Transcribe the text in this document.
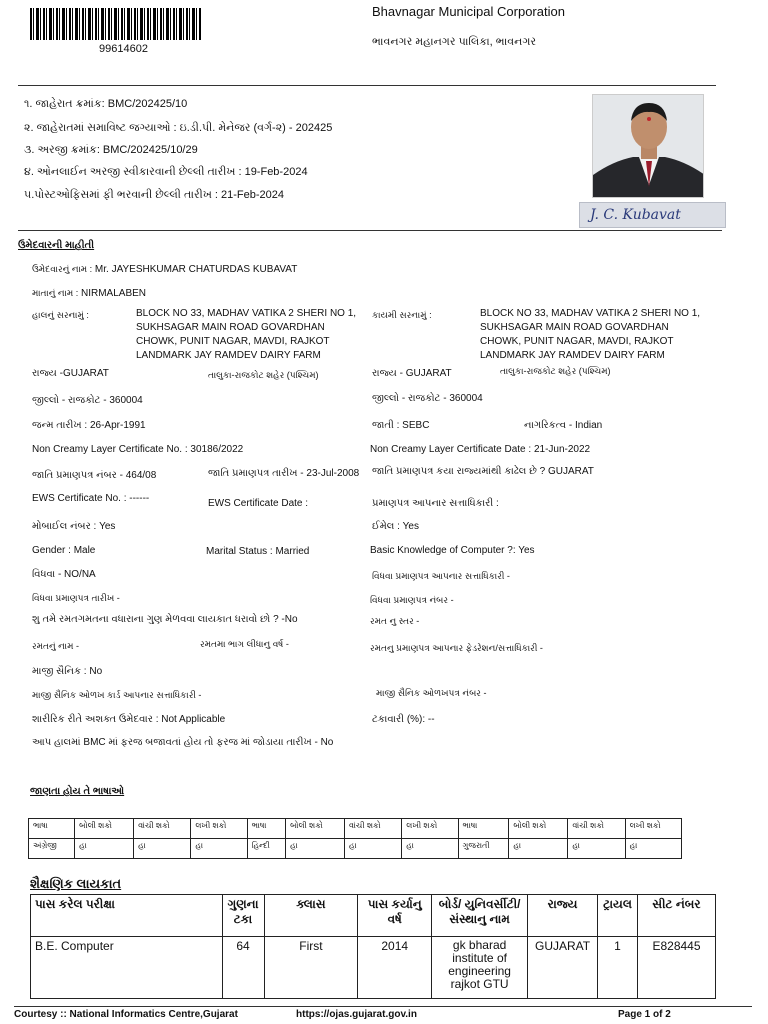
99614602
Bhavnagar Municipal Corporation
ભાવનગર મહાનગર પાલિકા, ભાવનગર
૧. જાહેરાત ક્રમાંક: BMC/202425/10
૨. જાહેરાતમાં સમાવિષ્ટ જગ્યાઓ : ઇ.ડી.પી. મેનેજર (વર્ગ-૨) - 202425
૩. અરજી ક્રમાંક: BMC/202425/10/29
૪. ઓનલાઈન અરજી સ્વીકારવાની છેલ્લી તારીખ : 19-Feb-2024
૫.પોસ્ટઓફિસમાં ફી ભરવાની છેલ્લી તારીખ : 21-Feb-2024
J. C. Kubavat
ઉમેદવારની માહીતી
ઉમેદવારનું નામ : Mr. JAYESHKUMAR CHATURDAS KUBAVAT
માતાનું નામ : NIRMALABEN
હાલનું સરનામું :	BLOCK NO 33, MADHAV VATIKA 2 SHERI NO 1, SUKHSAGAR MAIN ROAD GOVARDHAN CHOWK, PUNIT NAGAR, MAVDI, RAJKOT LANDMARK JAY RAMDEV DAIRY FARM
કાયમી સરનામું :	BLOCK NO 33, MADHAV VATIKA 2 SHERI NO 1, SUKHSAGAR MAIN ROAD GOVARDHAN CHOWK, PUNIT NAGAR, MAVDI, RAJKOT LANDMARK JAY RAMDEV DAIRY FARM
રાજ્ય -GUJARAT	તાલુકા-રાજકોટ શહેર (પશ્ચિમ)	રાજ્ય - GUJARAT	તાલુકા-રાજકોટ શહેર (પશ્ચિમ)
જીલ્લો - રાજકોટ - 360004	જીલ્લો - રાજકોટ - 360004
જન્મ તારીખ : 26-Apr-1991	જાતી : SEBC	નાગરિકત્વ - Indian
Non Creamy Layer Certificate No. : 30186/2022	Non Creamy Layer Certificate Date : 21-Jun-2022
જાતિ પ્રમાણપત્ર નંબર - 464/08	જાતિ પ્રમાણપત્ર તારીખ - 23-Jul-2008 જાતિ પ્રમાણપત્ર કયા રાજ્યમાંથી કાઢેલ છે ? GUJARAT
EWS Certificate No. : ------	EWS Certificate Date :	પ્રમાણપત્ર આપનાર સત્તાધિકારી :
મોબાઈલ નંબર : Yes	ઈમેલ : Yes
Gender : Male	Marital Status : Married	Basic Knowledge of Computer ?: Yes
વિધવા - NO/NA	વિધવા પ્રમાણપત્ર આપનાર સત્તાધિકારી -
વિધવા પ્રમાણપત્ર તારીખ -	વિધવા પ્રમાણપત્ર નંબર -
શુ તમે રમતગમતના વધારાના ગુણ મેળવવા લાયકાત ધરાવો છો ? -No	રમત નુ સ્તર -
રમતનું નામ -	રમતમા ભાગ લીધાનુ વર્ષ -	રમતનુ પ્રમાણપત્ર આપનાર ફેડરેશન/સત્તાધિકારી -
માજી સૈનિક : No
માજી સૈનિક ઓળખ કાર્ડ આપનાર સત્તાધિકારી -	માજી સૈનિક ઓળખપત્ર નંબર -
શારીરિક રીતે અશક્ત ઉમેદવાર : Not Applicable	ટકાવારી (%): --
આપ હાલમાં BMC માં ફરજ બજાવતાં હોય તો ફરજ માં જોડાયા તારીખ - No
જાણતા હોય તે ભાષાઓ
ભાષા	બોલી શકો	વાંચી શકો	લખી શકો	ભાષા	બોલી શકો	વાંચી શકો	લખી શકો	ભાષા	બોલી શકો	વાંચી શકો	લખી શકો
અંગ્રેજી	હા	હા	હા	હિન્દી	હા	હા	હા	ગુજરાતી	હા	હા	હા
શૈક્ષણિક લાયકાત
પાસ કરેલ પરીક્ષા	ગુણના ટકા	ક્લાસ	પાસ કર્યાનુ વર્ષ	બોર્ડ/ યુનિવર્સીટી/ સંસ્થાનુ નામ	રાજ્ય	ટ્રાયલ	સીટ નંબર
B.E. Computer	64	First	2014	gk bharad institute of engineering rajkot GTU	GUJARAT	1	E828445
Courtesy :: National Informatics Centre,Gujarat	https://ojas.gujarat.gov.in	Page 1 of 2
